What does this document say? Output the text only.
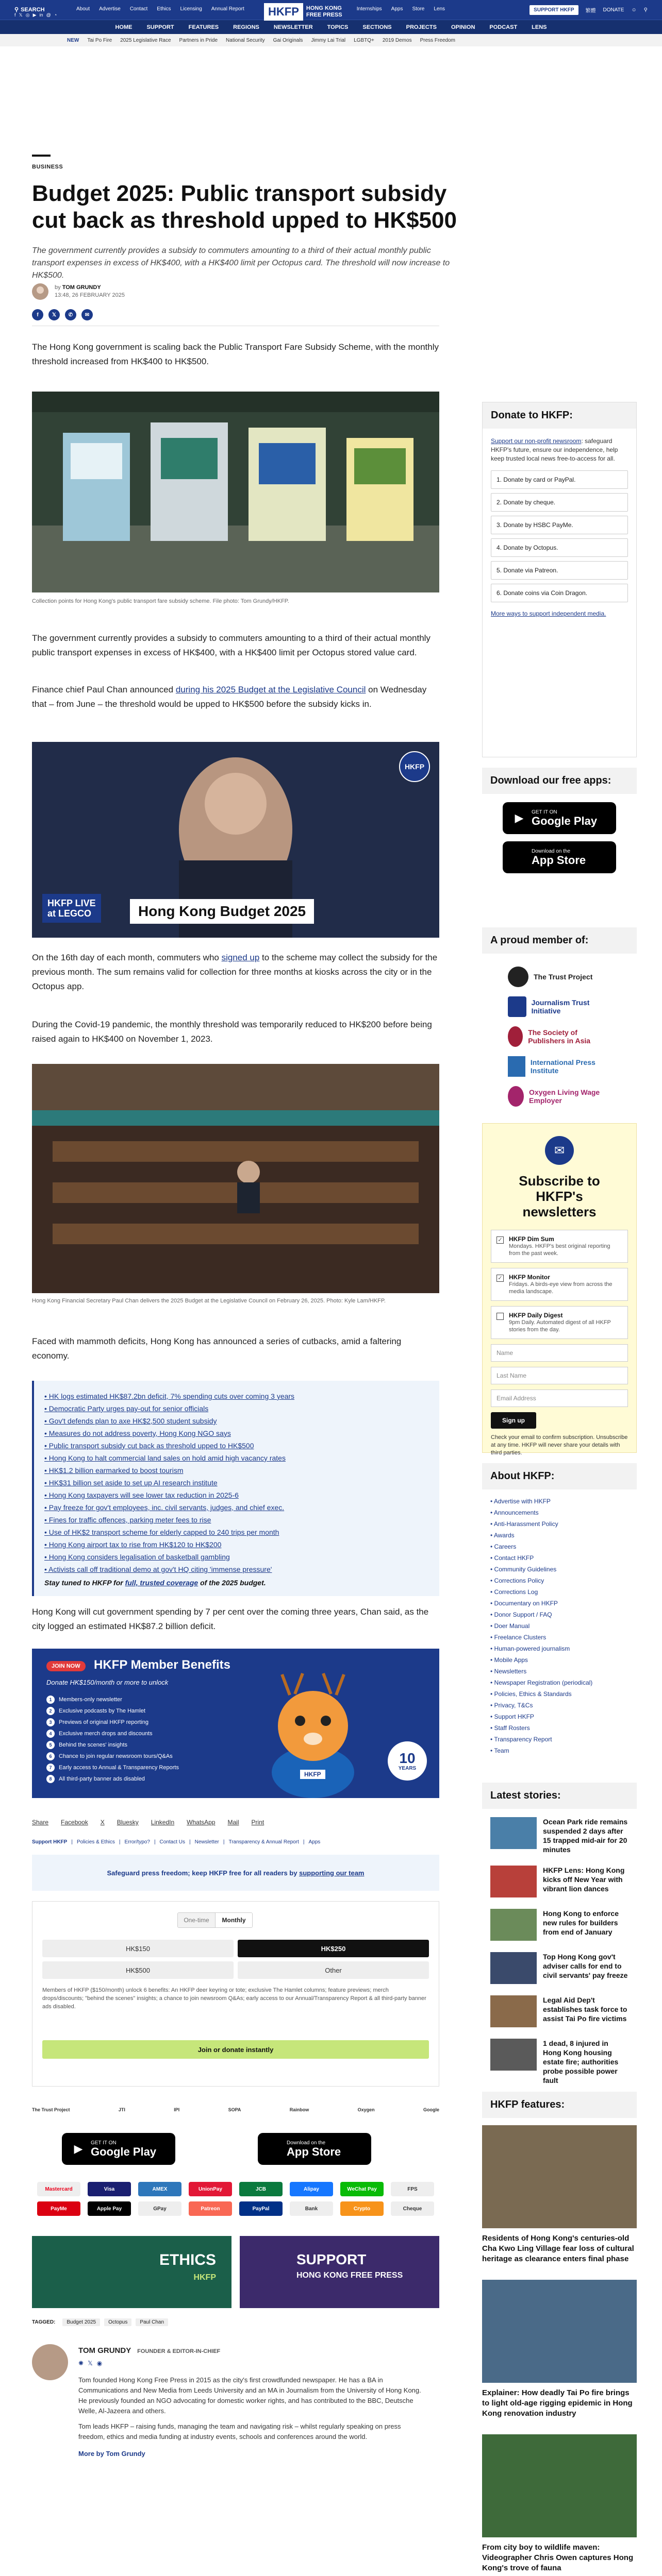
⚲ SEARCH
f 𝕏 ◎ ▶ in @ ◔
About Advertise Contact Ethics Licensing Annual Report	Internships Apps Store Lens
HKFP	HONG KONG
FREE PRESS
SUPPORT HKFP	繁體 DONATE ☺ ⚲
HOME	SUPPORT	FEATURES	REGIONS	NEWSLETTER	TOPICS	SECTIONS	PROJECTS	OPINION	PODCAST	LENS
NEW Tai Po Fire 2025 Legislative Race Partners in Pride National Security Gai Originals Jimmy Lai Trial LGBTQ+ 2019 Demos Press Freedom
BUSINESS
Budget 2025: Public transport subsidy cut back as threshold upped to HK$500
The government currently provides a subsidy to commuters amounting to a third of their actual monthly public transport expenses in excess of HK$400, with a HK$400 limit per Octopus card. The threshold will now increase to HK$500.
by TOM GRUNDY
13:48, 26 FEBRUARY 2025
f	𝕏	✆	✉

The Hong Kong government is scaling back the Public Transport Fare Subsidy Scheme, with the monthly threshold increased from HK$400 to HK$500.

Collection points for Hong Kong's public transport fare subsidy scheme. File photo: Tom Grundy/HKFP.

The government currently provides a subsidy to commuters amounting to a third of their actual monthly public transport expenses in excess of HK$400, with a HK$400 limit per Octopus stored value card.

Finance chief Paul Chan announced during his 2025 Budget at the Legislative Council on Wednesday that – from June – the threshold would be upped to HK$500 before the subsidy kicks in.

HKFP
HKFP LIVE
at LEGCO	Hong Kong Budget 2025

On the 16th day of each month, commuters who signed up to the scheme may collect the subsidy for the previous month. The sum remains valid for collection for three months at kiosks across the city or in the Octopus app.

During the Covid-19 pandemic, the monthly threshold was temporarily reduced to HK$200 before being raised again to HK$400 on November 1, 2023.

Hong Kong Financial Secretary Paul Chan delivers the 2025 Budget at the Legislative Council on February 26, 2025. Photo: Kyle Lam/HKFP.

Faced with mammoth deficits, Hong Kong has announced a series of cutbacks, amid a faltering economy.

• HK logs estimated HK$87.2bn deficit, 7% spending cuts over coming 3 years
• Democratic Party urges pay-out for senior officials
• Gov't defends plan to axe HK$2,500 student subsidy
• Measures do not address poverty, Hong Kong NGO says
• Public transport subsidy cut back as threshold upped to HK$500
• Hong Kong to halt commercial land sales on hold amid high vacancy rates
• HK$1.2 billion earmarked to boost tourism
• HK$31 billion set aside to set up AI research institute
• Hong Kong taxpayers will see lower tax reduction in 2025-6
• Pay freeze for gov't employees, inc. civil servants, judges, and chief exec.
• Fines for traffic offences, parking meter fees to rise
• Use of HK$2 transport scheme for elderly capped to 240 trips per month
• Hong Kong airport tax to rise from HK$120 to HK$200
• Hong Kong considers legalisation of basketball gambling
• Activists call off traditional demo at gov't HQ citing 'immense pressure'
Stay tuned to HKFP for full, trusted coverage of the 2025 budget.

Hong Kong will cut government spending by 7 per cent over the coming three years, Chan said, as the city logged an estimated HK$87.2 billion deficit.

JOIN NOW	HKFP Member Benefits
Donate HK$150/month or more to unlock
1	Members-only newsletter
2	Exclusive podcasts by The Hamlet
3	Previews of original HKFP reporting
4	Exclusive merch drops and discounts
5	Behind the scenes' insights
6	Chance to join regular newsroom tours/Q&As
7	Early access to Annual & Transparency Reports
8	All third-party banner ads disabled
HKFP
10
YEARS
Share Facebook X Bluesky LinkedIn WhatsApp Mail Print
Support HKFP | Policies & Ethics | Error/typo? | Contact Us | Newsletter | Transparency & Annual Report | Apps
Safeguard press freedom; keep HKFP free for all readers by
supporting our team
One-time	Monthly
HK$150	HK$250
HK$500	Other
Members of HKFP ($150/month) unlock 6 benefits: An HKFP deer keyring or tote; exclusive The Hamlet columns; feature previews; merch drops/discounts; "behind the scenes" insights; a chance to join newsroom Q&As; early access to our Annual/Transparency Report & all third-party banner ads disabled.
Join or donate instantly
The Trust Project	JTI	IPI	SOPA	Rainbow	Oxygen	Google
▶	GET IT ON
Google Play
Download on the
App Store
Mastercard	Visa	AMEX	UnionPay	JCB	Alipay	WeChat Pay	FPS
PayMe	Apple Pay	GPay	Patreon	PayPal	Bank	Crypto	Cheque
ETHICS
HKFP
SUPPORT
HONG KONG FREE PRESS
TAGGED:	Budget 2025	Octopus	Paul Chan
TOM GRUNDY FOUNDER & EDITOR-IN-CHIEF
✺ 𝕏 ◉

Tom founded Hong Kong Free Press in 2015 as the city's first crowdfunded newspaper. He has a BA in Communications and New Media from Leeds University and an MA in Journalism from the University of Hong Kong. He previously founded an NGO advocating for domestic worker rights, and has contributed to the BBC, Deutsche Welle, Al-Jazeera and others.

Tom leads HKFP – raising funds, managing the team and navigating risk – whilst regularly speaking on press freedom, ethics and media funding at industry events, schools and conferences around the world.

More by Tom Grundy
Donate to HKFP:
Support our non-profit newsroom: safeguard HKFP's future, ensure our independence, help keep trusted local news free-to-access for all.
1. Donate by card or PayPal.
2. Donate by cheque.
3. Donate by HSBC PayMe.
4. Donate by Octopus.
5. Donate via Patreon.
6. Donate coins via Coin Dragon.
More ways to support independent media.
Download our free apps:
▶	GET IT ON
Google Play
Download on the
App Store
A proud member of:
The Trust Project
Journalism Trust Initiative
The Society of Publishers in Asia
International Press Institute
Oxygen Living Wage Employer
✉
Subscribe to HKFP's newsletters
✓ HKFP Dim Sum
Mondays. HKFP's best original reporting from the past week.
✓ HKFP Monitor
Fridays. A birds-eye view from across the media landscape.
HKFP Daily Digest
9pm Daily. Automated digest of all HKFP stories from the day.
Name
Last Name
Email Address
Sign up
Check your email to confirm subscription. Unsubscribe at any time. HKFP will never share your details with third parties.
About HKFP:
• Advertise with HKFP
• Announcements
• Anti-Harassment Policy
• Awards
• Careers
• Contact HKFP
• Community Guidelines
• Corrections Policy
• Corrections Log
• Documentary on HKFP
• Donor Support / FAQ
• Doer Manual
• Freelance Clusters
• Human-powered journalism
• Mobile Apps
• Newsletters
• Newspaper Registration (periodical)
• Policies, Ethics & Standards
• Privacy, T&Cs
• Support HKFP
• Staff Rosters
• Transparency Report
• Team
Latest stories:
Ocean Park ride remains suspended 2 days after 15 trapped mid-air for 20 minutes
HKFP Lens: Hong Kong kicks off New Year with vibrant lion dances
Hong Kong to enforce new rules for builders from end of January
Top Hong Kong gov't adviser calls for end to civil servants' pay freeze
Legal Aid Dep't establishes task force to assist Tai Po fire victims
1 dead, 8 injured in Hong Kong housing estate fire; authorities probe possible power fault
HKFP features:
Residents of Hong Kong's centuries-old Cha Kwo Ling Village fear loss of cultural heritage as clearance enters final phase
Explainer: How deadly Tai Po fire brings to light old-age rigging epidemic in Hong Kong renovation industry
From city boy to wildlife maven: Videographer Chris Owen captures Hong Kong's trove of fauna
